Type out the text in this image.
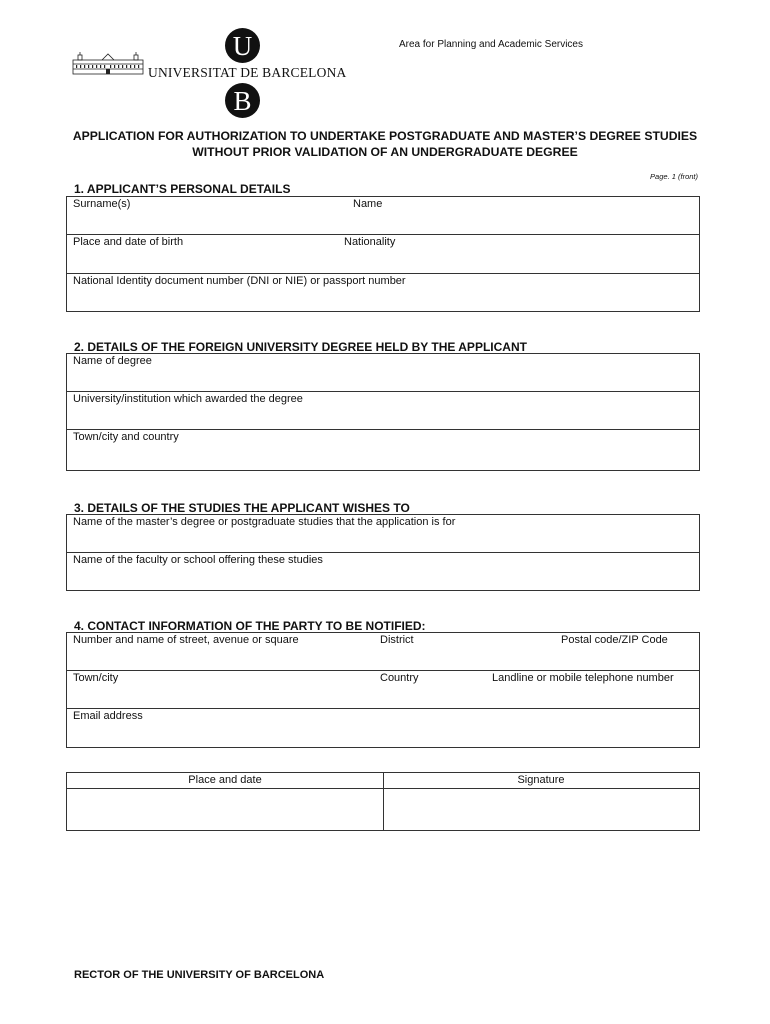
Area for Planning and Academic Services
U
UNIVERSITAT DE BARCELONA
B
APPLICATION FOR AUTHORIZATION TO UNDERTAKE POSTGRADUATE AND MASTER’S DEGREE STUDIES
WITHOUT PRIOR VALIDATION OF AN UNDERGRADUATE DEGREE
Page. 1 (front)
1. APPLICANT’S PERSONAL DETAILS
Surname(s)	Name
Place and date of birth	Nationality
National Identity document number (DNI or NIE) or passport number
2. DETAILS OF THE FOREIGN UNIVERSITY DEGREE HELD BY THE APPLICANT
Name of degree
University/institution which awarded the degree
Town/city and country
3. DETAILS OF THE STUDIES THE APPLICANT WISHES TO
Name of the master’s degree or postgraduate studies that the application is for
Name of the faculty or school offering these studies
4. CONTACT INFORMATION OF THE PARTY TO BE NOTIFIED:
Number and name of street, avenue or square	District	Postal code/ZIP Code
Town/city	Country	Landline or mobile telephone number
Email address
Place and date	Signature
RECTOR OF THE UNIVERSITY OF BARCELONA
